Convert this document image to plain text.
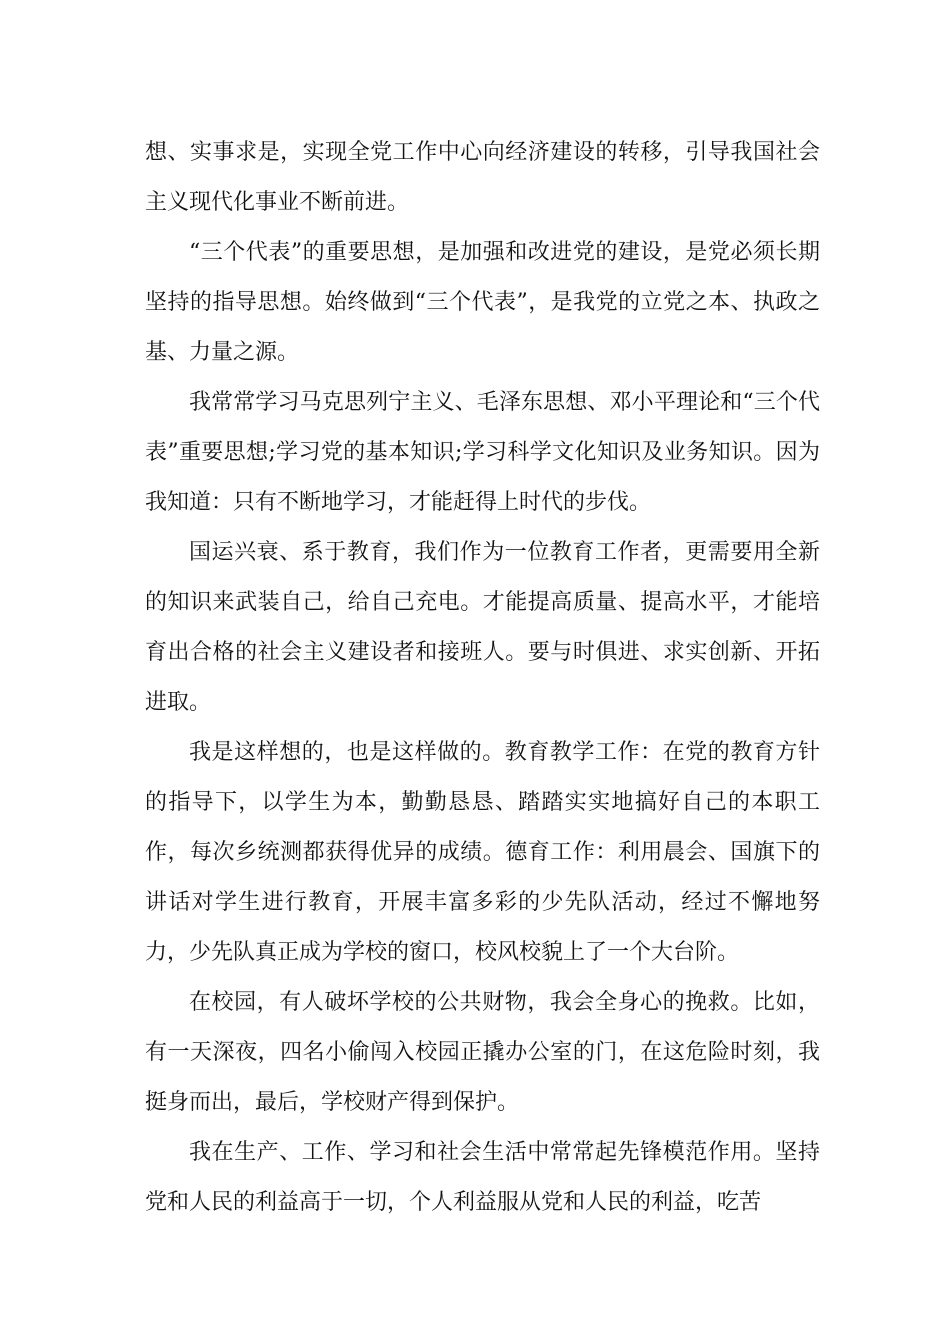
想、实事求是，实现全党工作中心向经济建设的转移，引导我国社会主义现代化事业不断前进。

“三个代表”的重要思想，是加强和改进党的建设，是党必须长期坚持的指导思想。始终做到“三个代表”，是我党的立党之本、执政之基、力量之源。

我常常学习马克思列宁主义、毛泽东思想、邓小平理论和“三个代表”重要思想;学习党的基本知识;学习科学文化知识及业务知识。因为我知道：只有不断地学习，才能赶得上时代的步伐。

国运兴衰、系于教育，我们作为一位教育工作者，更需要用全新的知识来武装自己，给自己充电。才能提高质量、提高水平，才能培育出合格的社会主义建设者和接班人。要与时俱进、求实创新、开拓进取。

我是这样想的，也是这样做的。教育教学工作：在党的教育方针的指导下，以学生为本，勤勤恳恳、踏踏实实地搞好自己的本职工作，每次乡统测都获得优异的成绩。德育工作：利用晨会、国旗下的讲话对学生进行教育，开展丰富多彩的少先队活动，经过不懈地努力，少先队真正成为学校的窗口，校风校貌上了一个大台阶。

在校园，有人破坏学校的公共财物，我会全身心的挽救。比如，有一天深夜，四名小偷闯入校园正撬办公室的门，在这危险时刻，我挺身而出，最后，学校财产得到保护。

我在生产、工作、学习和社会生活中常常起先锋模范作用。坚持党和人民的利益高于一切，个人利益服从党和人民的利益，吃苦
